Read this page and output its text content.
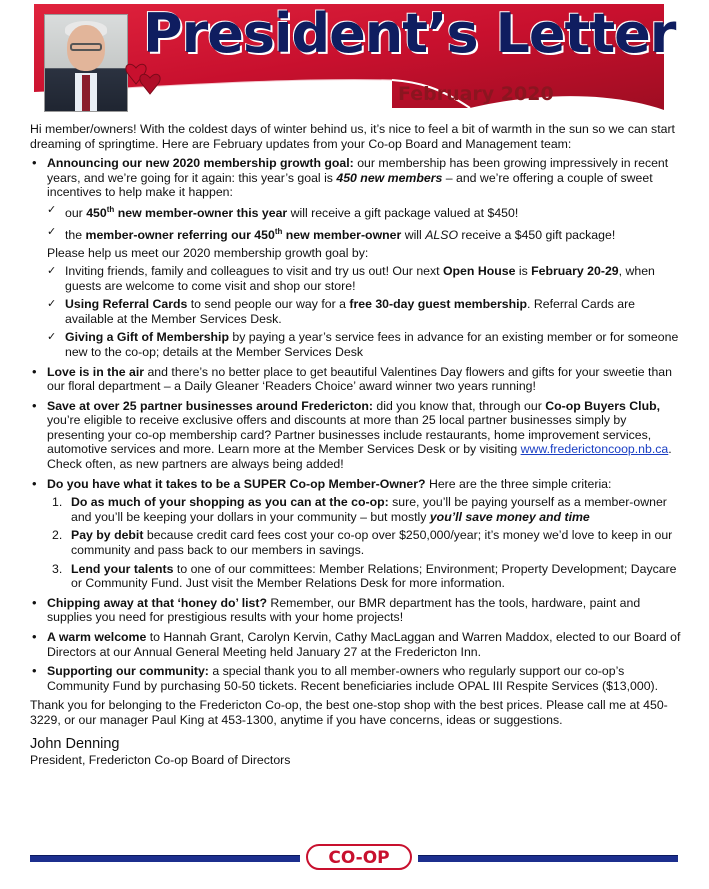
President’s Letter
February 2020

Hi member/owners! With the coldest days of winter behind us, it’s nice to feel a bit of warmth in the sun so we can start dreaming of springtime. Here are February updates from your Co-op Board and Management team:

• Announcing our new 2020 membership growth goal: our membership has been growing impressively in recent years, and we’re going for it again: this year’s goal is 450 new members – and we’re offering a couple of sweet incentives to help make it happen:
✓ our 450th new member-owner this year will receive a gift package valued at $450!
✓ the member-owner referring our 450th new member-owner will ALSO receive a $450 gift package!
Please help us meet our 2020 membership growth goal by:
✓ Inviting friends, family and colleagues to visit and try us out! Our next Open House is February 20-29, when guests are welcome to come visit and shop our store!
✓ Using Referral Cards to send people our way for a free 30-day guest membership. Referral Cards are available at the Member Services Desk.
✓ Giving a Gift of Membership by paying a year’s service fees in advance for an existing member or for someone new to the co-op; details at the Member Services Desk
• Love is in the air and there’s no better place to get beautiful Valentines Day flowers and gifts for your sweetie than our floral department – a Daily Gleaner ‘Readers Choice’ award winner two years running!
• Save at over 25 partner businesses around Fredericton: did you know that, through our Co-op Buyers Club, you’re eligible to receive exclusive offers and discounts at more than 25 local partner businesses simply by presenting your co-op membership card? Partner businesses include restaurants, home improvement services, automotive services and more. Learn more at the Member Services Desk or by visiting www.frederictoncoop.nb.ca. Check often, as new partners are always being added!
• Do you have what it takes to be a SUPER Co-op Member-Owner? Here are the three simple criteria:
1. Do as much of your shopping as you can at the co-op: sure, you’ll be paying yourself as a member-owner and you’ll be keeping your dollars in your community – but mostly you’ll save money and time
2. Pay by debit because credit card fees cost your co-op over $250,000/year; it’s money we’d love to keep in our community and pass back to our members in savings.
3. Lend your talents to one of our committees: Member Relations; Environment; Property Development; Daycare or Community Fund. Just visit the Member Relations Desk for more information.
• Chipping away at that ‘honey do’ list? Remember, our BMR department has the tools, hardware, paint and supplies you need for prestigious results with your home projects!
• A warm welcome to Hannah Grant, Carolyn Kervin, Cathy MacLaggan and Warren Maddox, elected to our Board of Directors at our Annual General Meeting held January 27 at the Fredericton Inn.
• Supporting our community: a special thank you to all member-owners who regularly support our co-op’s Community Fund by purchasing 50-50 tickets. Recent beneficiaries include OPAL III Respite Services ($13,000).

Thank you for belonging to the Fredericton Co-op, the best one-stop shop with the best prices. Please call me at 450-3229, or our manager Paul King at 453-1300, anytime if you have concerns, ideas or suggestions.

John Denning
President, Fredericton Co-op Board of Directors
CO-OP
